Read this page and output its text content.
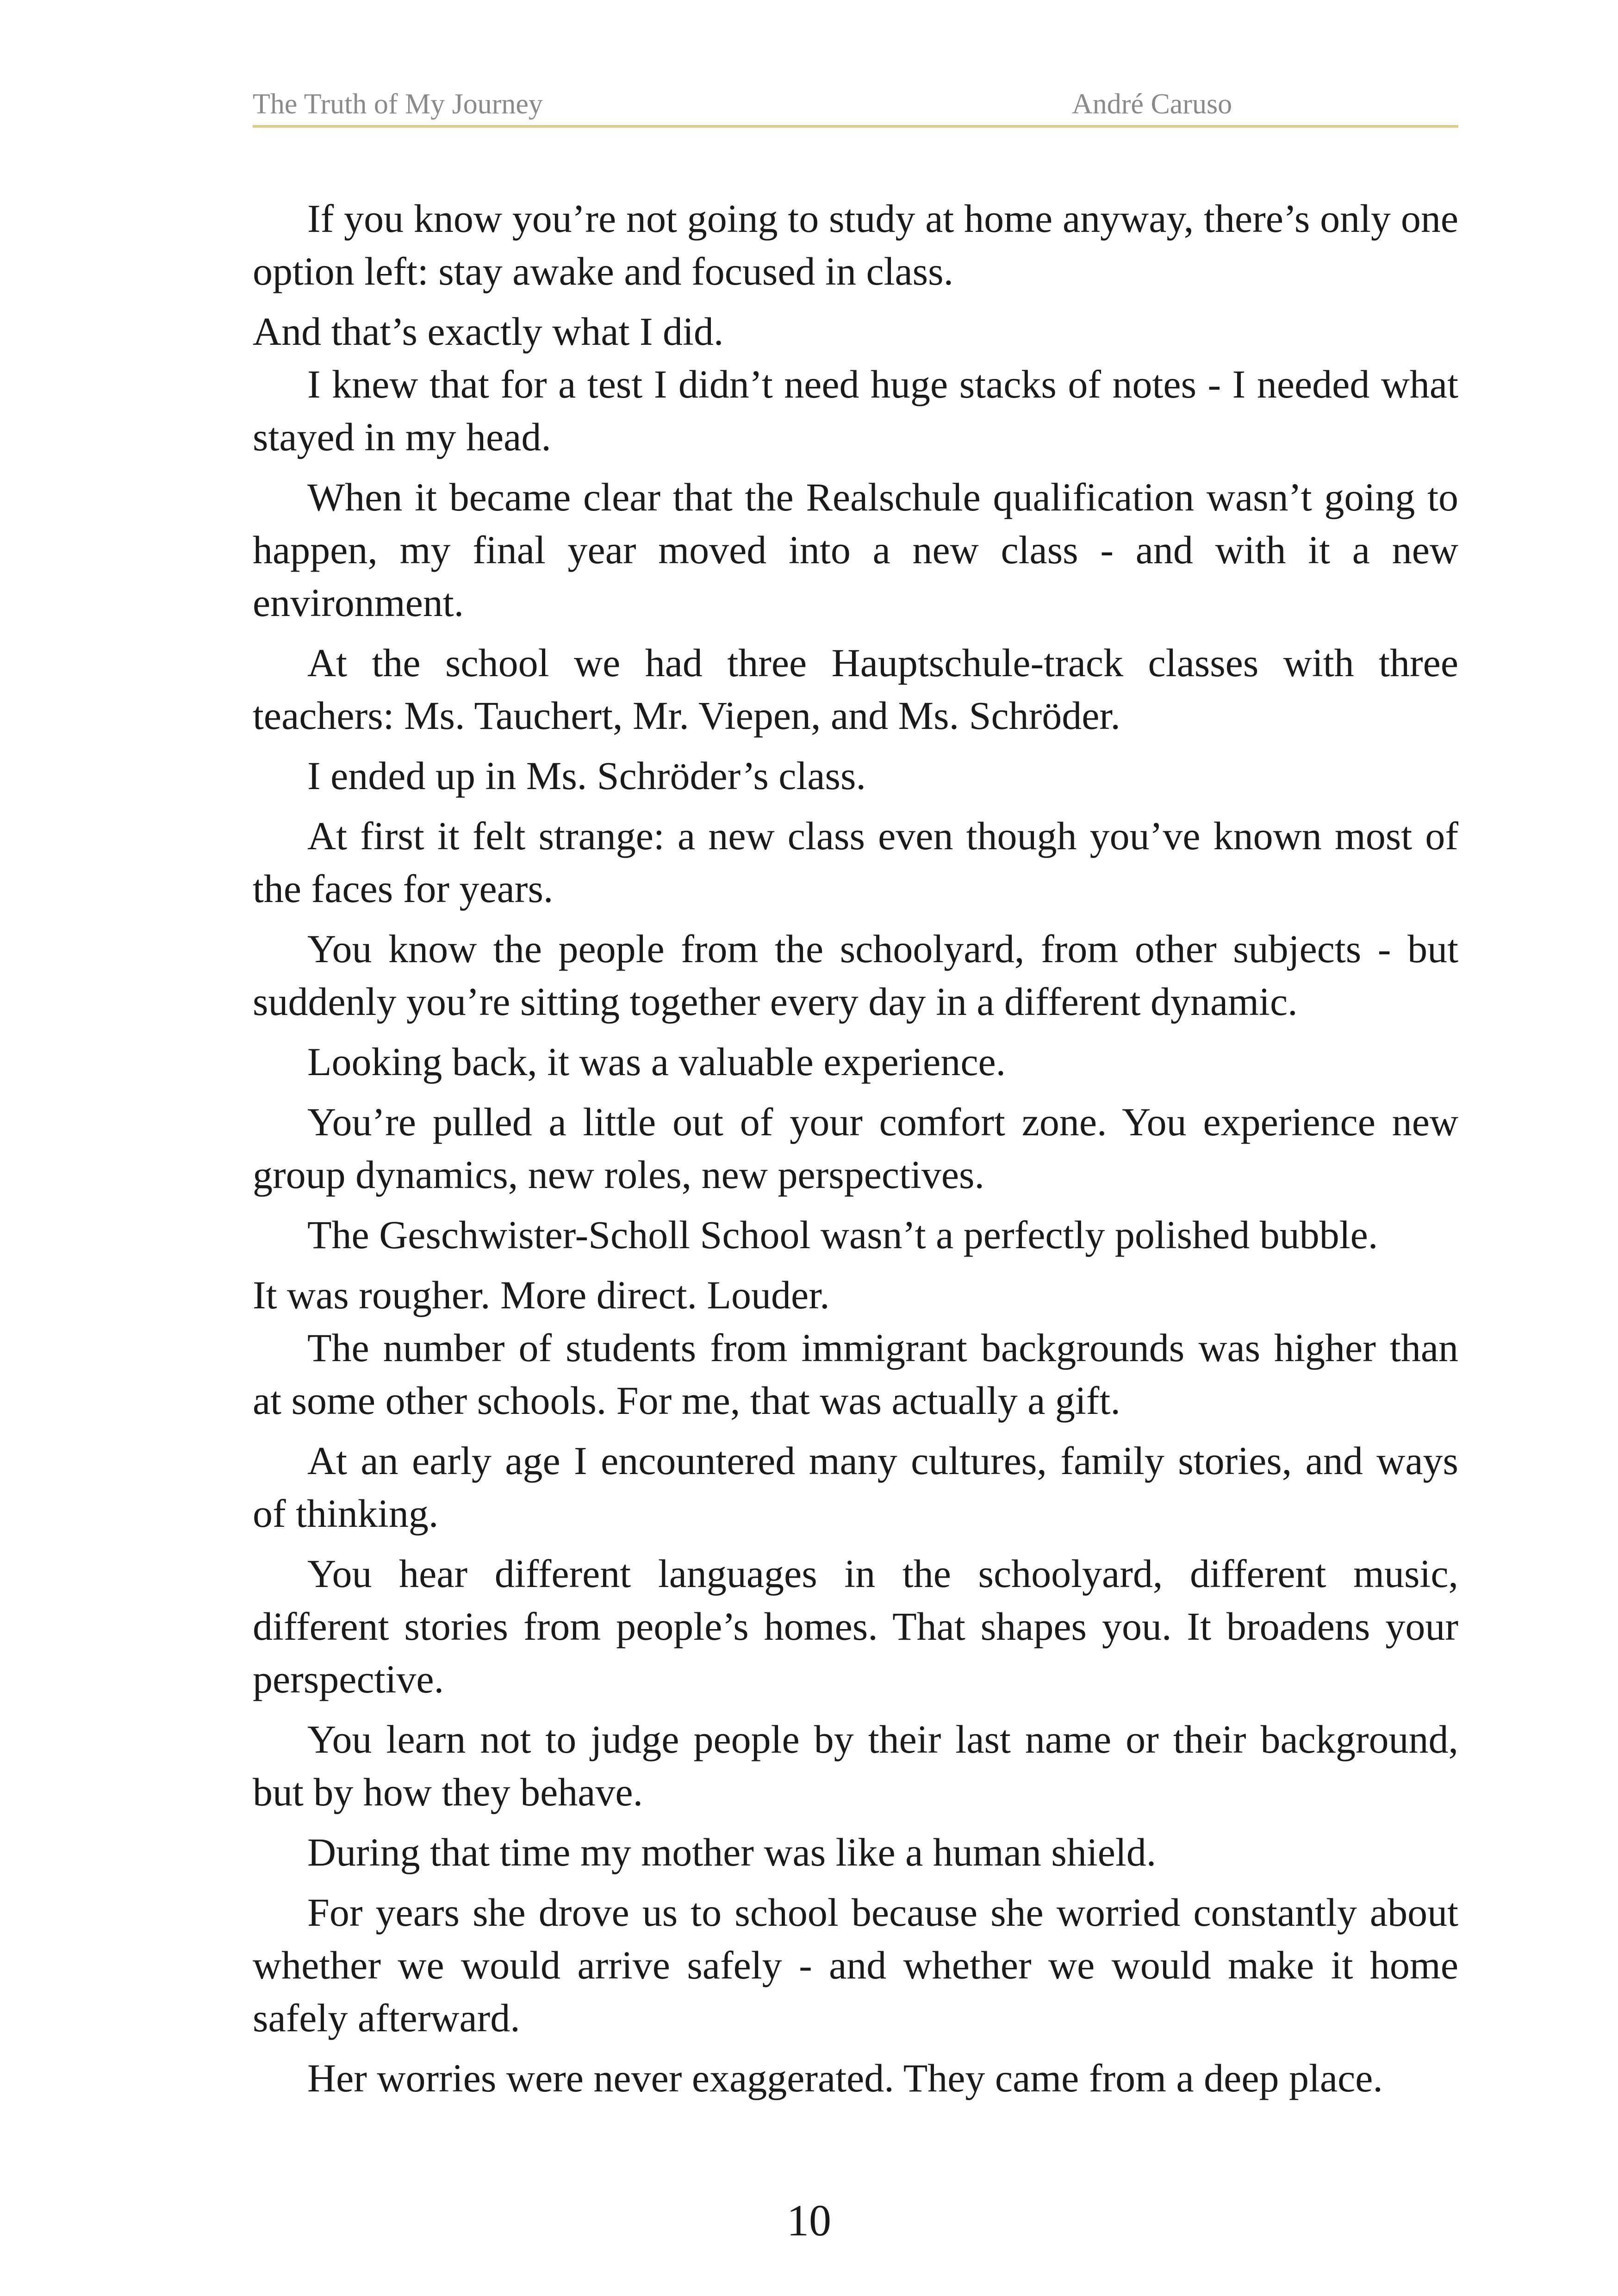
The Truth of My Journey	André Caruso

If you know you’re not going to study at home anyway, there’s only one option left: stay awake and focused in class.

And that’s exactly what I did.

I knew that for a test I didn’t need huge stacks of notes - I needed what stayed in my head.

When it became clear that the Realschule qualification wasn’t going to happen, my final year moved into a new class - and with it a new environment.

At the school we had three Hauptschule-track classes with three teachers: Ms. Tauchert, Mr. Viepen, and Ms. Schröder.

I ended up in Ms. Schröder’s class.

At first it felt strange: a new class even though you’ve known most of the faces for years.

You know the people from the schoolyard, from other subjects - but suddenly you’re sitting together every day in a different dynamic.

Looking back, it was a valuable experience.

You’re pulled a little out of your comfort zone. You experience new group dynamics, new roles, new perspectives.

The Geschwister-Scholl School wasn’t a perfectly polished bubble.

It was rougher. More direct. Louder.

The number of students from immigrant backgrounds was higher than at some other schools. For me, that was actually a gift.

At an early age I encountered many cultures, family stories, and ways of thinking.

You hear different languages in the schoolyard, different music, different stories from people’s homes. That shapes you. It broadens your perspective.

You learn not to judge people by their last name or their background, but by how they behave.

During that time my mother was like a human shield.

For years she drove us to school because she worried constantly about whether we would arrive safely - and whether we would make it home safely afterward.

Her worries were never exaggerated. They came from a deep place.

10
